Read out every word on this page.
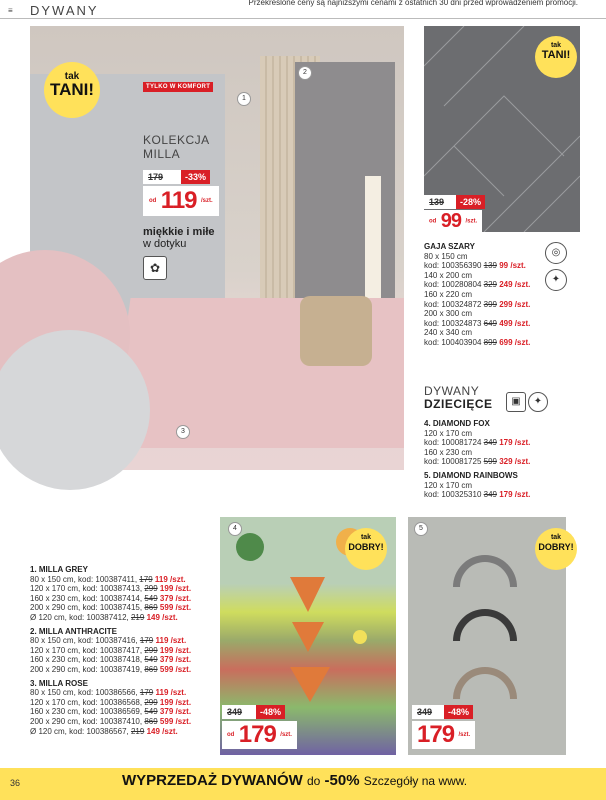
≡ DYWANY
Przekreślone ceny są najniższymi cenami z ostatnich 30 dni przed wprowadzeniem promocji.
tak
TANI!	TYLKO W KOMFORT
1
2
3
KOLEKCJA
MILLA
179	-33%
od 119 /szt.
miękkie i miłe
w dotyku
✿
tak
TANI!
139	-28%
od 99 /szt.
GAJA SZARY
80 x 150 cm
kod: 100356390 139 99 /szt.
140 x 200 cm
kod: 100280804 329 249 /szt.
160 x 220 cm
kod: 100324872 399 299 /szt.
200 x 300 cm
kod: 100324873 649 499 /szt.
240 x 340 cm
kod: 100403904 899 699 /szt.
◎
✦
DYWANY
DZIECIĘCE	▣	✦
4. DIAMOND FOX
120 x 170 cm
kod: 100081724 349 179 /szt.
160 x 230 cm
kod: 100081725 599 329 /szt.
5. DIAMOND RAINBOWS
120 x 170 cm
kod: 100325310 349 179 /szt.
1. MILLA GREY
80 x 150 cm, kod: 100387411, 179 119 /szt.
120 x 170 cm, kod: 100387413, 299 199 /szt.
160 x 230 cm, kod: 100387414, 549 379 /szt.
200 x 290 cm, kod: 100387415, 869 599 /szt.
Ø 120 cm, kod: 100387412, 219 149 /szt.
2. MILLA ANTHRACITE
80 x 150 cm, kod: 100387416, 179 119 /szt.
120 x 170 cm, kod: 100387417, 299 199 /szt.
160 x 230 cm, kod: 100387418, 549 379 /szt.
200 x 290 cm, kod: 100387419, 869 599 /szt.
3. MILLA ROSE
80 x 150 cm, kod: 100386566, 179 119 /szt.
120 x 170 cm, kod: 100386568, 299 199 /szt.
160 x 230 cm, kod: 100386569, 549 379 /szt.
200 x 290 cm, kod: 100387410, 869 599 /szt.
Ø 120 cm, kod: 100386567, 219 149 /szt.
4
tak
DOBRY!
349	-48%
od 179 /szt.
5
tak
DOBRY!
349	-48%
179 /szt.
36	WYPRZEDAŻ DYWANÓW do -50% Szczegóły na www.
